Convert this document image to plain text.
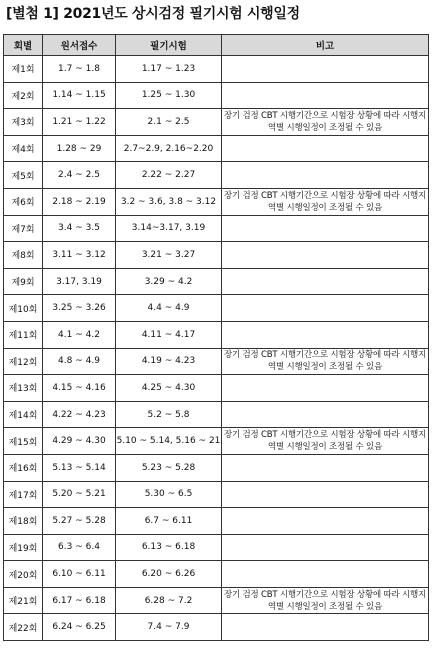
[별첨 1] 2021년도 상시검정 필기시험 시행일정
회별	원서접수	필기시험	비고
제1회	1.7 ~ 1.8	1.17 ~ 1.23	
제2회	1.14 ~ 1.15	1.25 ~ 1.30	
제3회	1.21 ~ 1.22	2.1 ~ 2.5	장기 검정 CBT 시행기간으로 시험장 상황에 따라 시행지역별 시행일정이 조정될 수 있음
제4회	1.28 ~ 29	2.7~2.9, 2.16~2.20	
제5회	2.4 ~ 2.5	2.22 ~ 2.27	
제6회	2.18 ~ 2.19	3.2 ~ 3.6, 3.8 ~ 3.12	장기 검정 CBT 시행기간으로 시험장 상황에 따라 시행지역별 시행일정이 조정될 수 있음
제7회	3.4 ~ 3.5	3.14~3.17, 3.19	
제8회	3.11 ~ 3.12	3.21 ~ 3.27	
제9회	3.17, 3.19	3.29 ~ 4.2	
제10회	3.25 ~ 3.26	4.4 ~ 4.9	
제11회	4.1 ~ 4.2	4.11 ~ 4.17	
제12회	4.8 ~ 4.9	4.19 ~ 4.23	장기 검정 CBT 시행기간으로 시험장 상황에 따라 시행지역별 시행일정이 조정될 수 있음
제13회	4.15 ~ 4.16	4.25 ~ 4.30	
제14회	4.22 ~ 4.23	5.2 ~ 5.8	
제15회	4.29 ~ 4.30	5.10 ~ 5.14, 5.16 ~ 21	장기 검정 CBT 시행기간으로 시험장 상황에 따라 시행지역별 시행일정이 조정될 수 있음
제16회	5.13 ~ 5.14	5.23 ~ 5.28	
제17회	5.20 ~ 5.21	5.30 ~ 6.5	
제18회	5.27 ~ 5.28	6.7 ~ 6.11	
제19회	6.3 ~ 6.4	6.13 ~ 6.18	
제20회	6.10 ~ 6.11	6.20 ~ 6.26	
제21회	6.17 ~ 6.18	6.28 ~ 7.2	장기 검정 CBT 시행기간으로 시험장 상황에 따라 시행지역별 시행일정이 조정될 수 있음
제22회	6.24 ~ 6.25	7.4 ~ 7.9	
